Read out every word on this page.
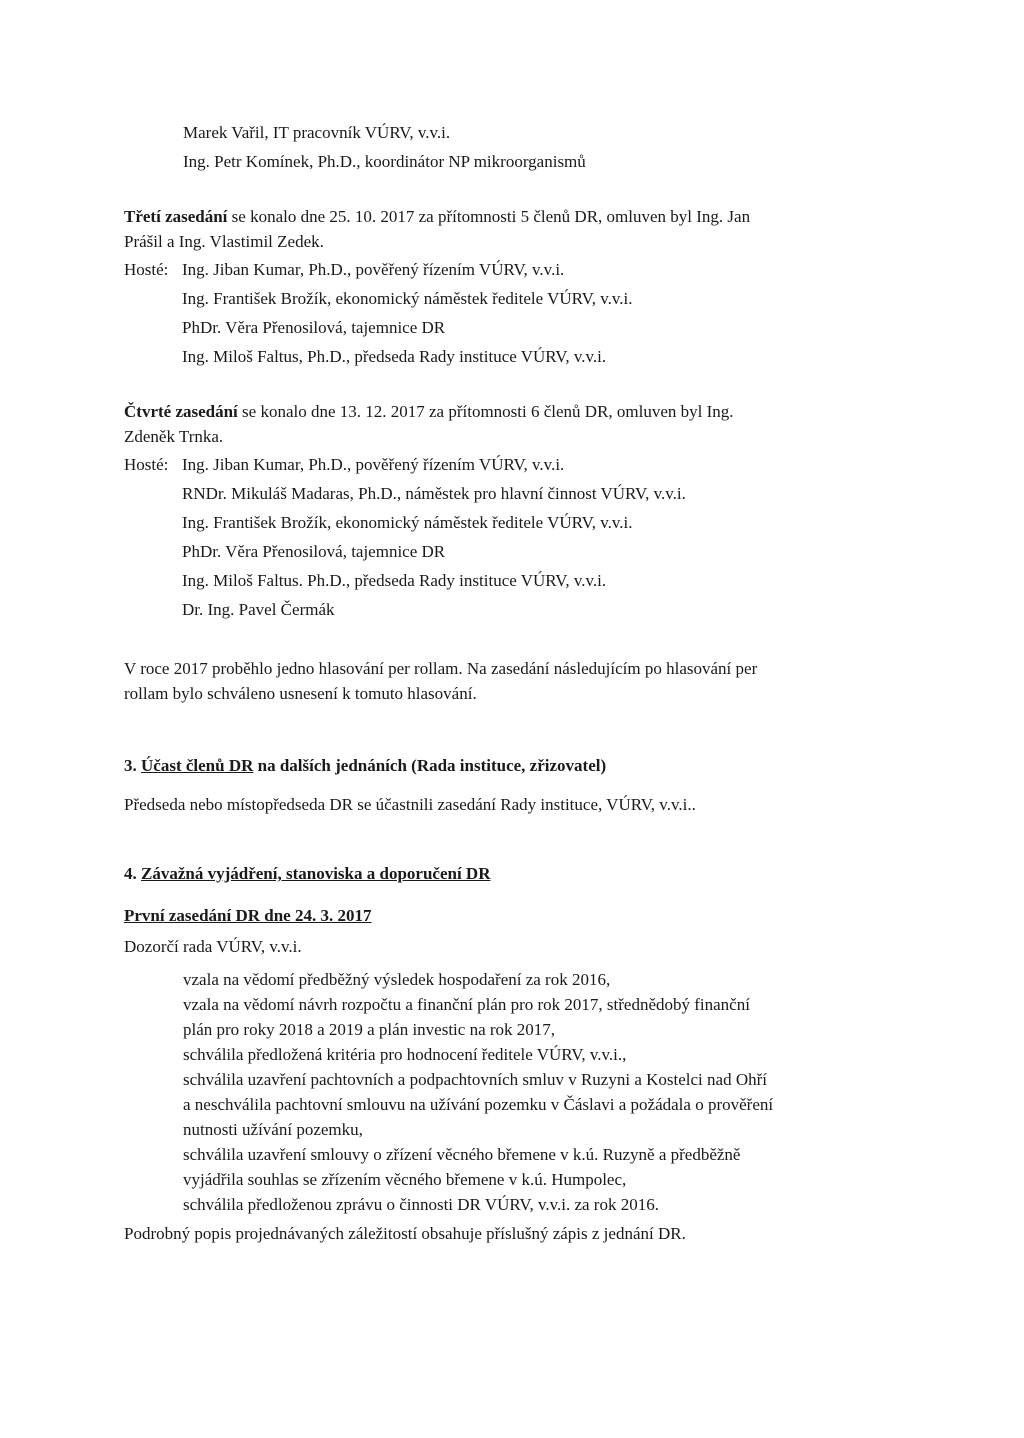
Marek Vařil, IT pracovník VÚRV, v.v.i.
Ing. Petr Komínek, Ph.D., koordinátor NP mikroorganismů
Třetí zasedání se konalo dne 25. 10. 2017 za přítomnosti 5 členů DR, omluven byl Ing. Jan
Prášil a Ing. Vlastimil Zedek.
Hosté: Ing. Jiban Kumar, Ph.D., pověřený řízením VÚRV, v.v.i.
Ing. František Brožík, ekonomický náměstek ředitele VÚRV, v.v.i.
PhDr. Věra Přenosilová, tajemnice DR
Ing. Miloš Faltus, Ph.D., předseda Rady instituce VÚRV, v.v.i.
Čtvrté zasedání se konalo dne 13. 12. 2017 za přítomnosti 6 členů DR, omluven byl Ing.
Zdeněk Trnka.
Hosté: Ing. Jiban Kumar, Ph.D., pověřený řízením VÚRV, v.v.i.
RNDr. Mikuláš Madaras, Ph.D., náměstek pro hlavní činnost VÚRV, v.v.i.
Ing. František Brožík, ekonomický náměstek ředitele VÚRV, v.v.i.
PhDr. Věra Přenosilová, tajemnice DR
Ing. Miloš Faltus. Ph.D., předseda Rady instituce VÚRV, v.v.i.
Dr. Ing. Pavel Čermák
V roce 2017 proběhlo jedno hlasování per rollam. Na zasedání následujícím po hlasování per
rollam bylo schváleno usnesení k tomuto hlasování.
3. Účast členů DR na dalších jednáních (Rada instituce, zřizovatel)
Předseda nebo místopředseda DR se účastnili zasedání Rady instituce, VÚRV, v.v.i..
4. Závažná vyjádření, stanoviska a doporučení DR
První zasedání DR dne 24. 3. 2017
Dozorčí rada VÚRV, v.v.i.
vzala na vědomí předběžný výsledek hospodaření za rok 2016,
vzala na vědomí návrh rozpočtu a finanční plán pro rok 2017, střednědobý finanční
plán pro roky 2018 a 2019 a plán investic na rok 2017,
schválila předložená kritéria pro hodnocení ředitele VÚRV, v.v.i.,
schválila uzavření pachtovních a podpachtovních smluv v Ruzyni a Kostelci nad Ohří
a neschválila pachtovní smlouvu na užívání pozemku v Čáslavi a požádala o prověření
nutnosti užívání pozemku,
schválila uzavření smlouvy o zřízení věcného břemene v k.ú. Ruzyně a předběžně
vyjádřila souhlas se zřízením věcného břemene v k.ú. Humpolec,
schválila předloženou zprávu o činnosti DR VÚRV, v.v.i. za rok 2016.
Podrobný popis projednávaných záležitostí obsahuje příslušný zápis z jednání DR.
